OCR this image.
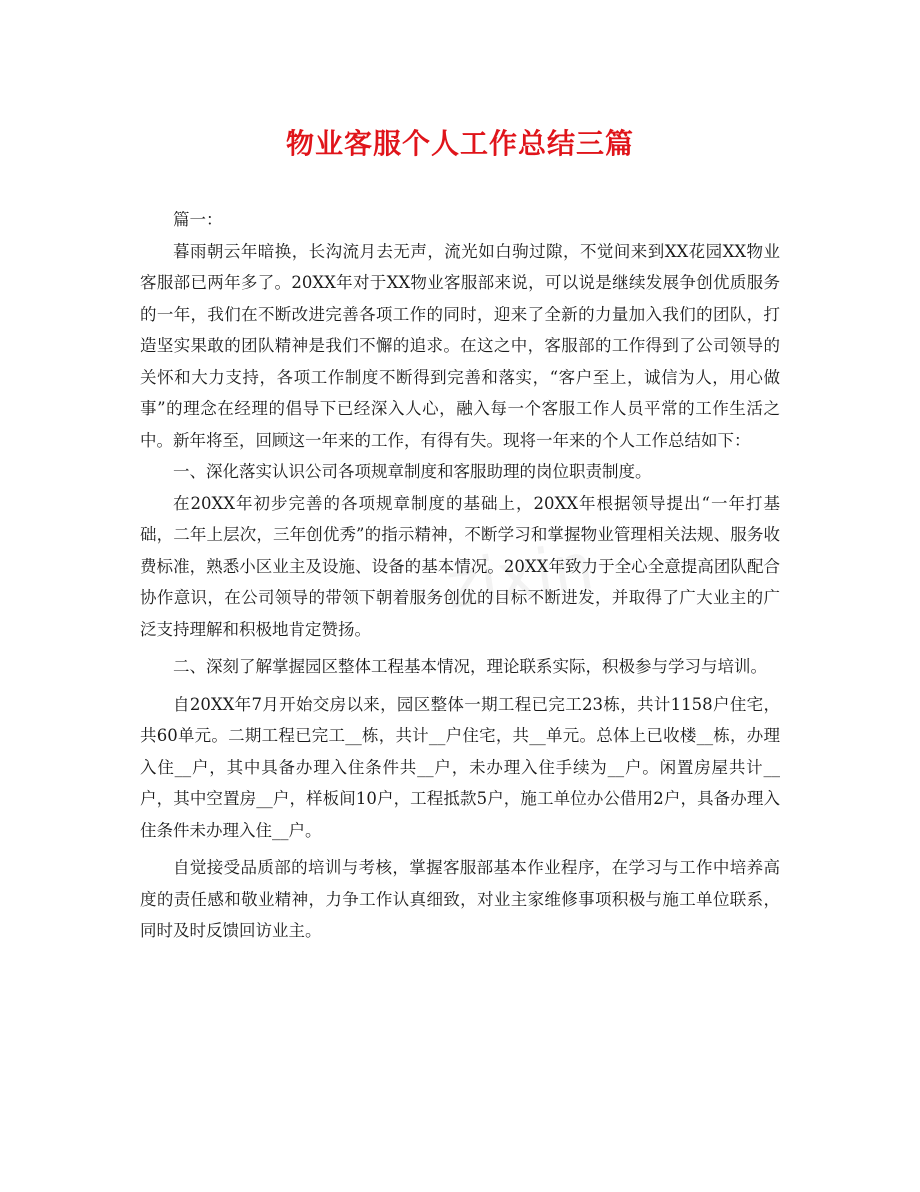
物业客服个人工作总结三篇
zixin

篇一：

暮雨朝云年暗换，长沟流月去无声，流光如白驹过隙，不觉间来到XX花园XX物业客服部已两年多了。20XX年对于XX物业客服部来说，可以说是继续发展争创优质服务的一年，我们在不断改进完善各项工作的同时，迎来了全新的力量加入我们的团队，打造坚实果敢的团队精神是我们不懈的追求。在这之中，客服部的工作得到了公司领导的关怀和大力支持，各项工作制度不断得到完善和落实，“客户至上，诚信为人，用心做事”的理念在经理的倡导下已经深入人心，融入每一个客服工作人员平常的工作生活之中。新年将至，回顾这一年来的工作，有得有失。现将一年来的个人工作总结如下：

一、深化落实认识公司各项规章制度和客服助理的岗位职责制度。

在20XX年初步完善的各项规章制度的基础上，20XX年根据领导提出“一年打基础，二年上层次，三年创优秀”的指示精神，不断学习和掌握物业管理相关法规、服务收费标准，熟悉小区业主及设施、设备的基本情况。20XX年致力于全心全意提高团队配合协作意识，在公司领导的带领下朝着服务创优的目标不断进发，并取得了广大业主的广泛支持理解和积极地肯定赞扬。

二、深刻了解掌握园区整体工程基本情况，理论联系实际，积极参与学习与培训。

自20XX年7月开始交房以来，园区整体一期工程已完工23栋，共计1158户住宅，共60单元。二期工程已完工__栋，共计__户住宅，共__单元。总体上已收楼__栋，办理入住__户，其中具备办理入住条件共__户，未办理入住手续为__户。闲置房屋共计__户，其中空置房__户，样板间10户，工程抵款5户，施工单位办公借用2户，具备办理入住条件未办理入住__户。

自觉接受品质部的培训与考核，掌握客服部基本作业程序，在学习与工作中培养高度的责任感和敬业精神，力争工作认真细致，对业主家维修事项积极与施工单位联系，同时及时反馈回访业主。
